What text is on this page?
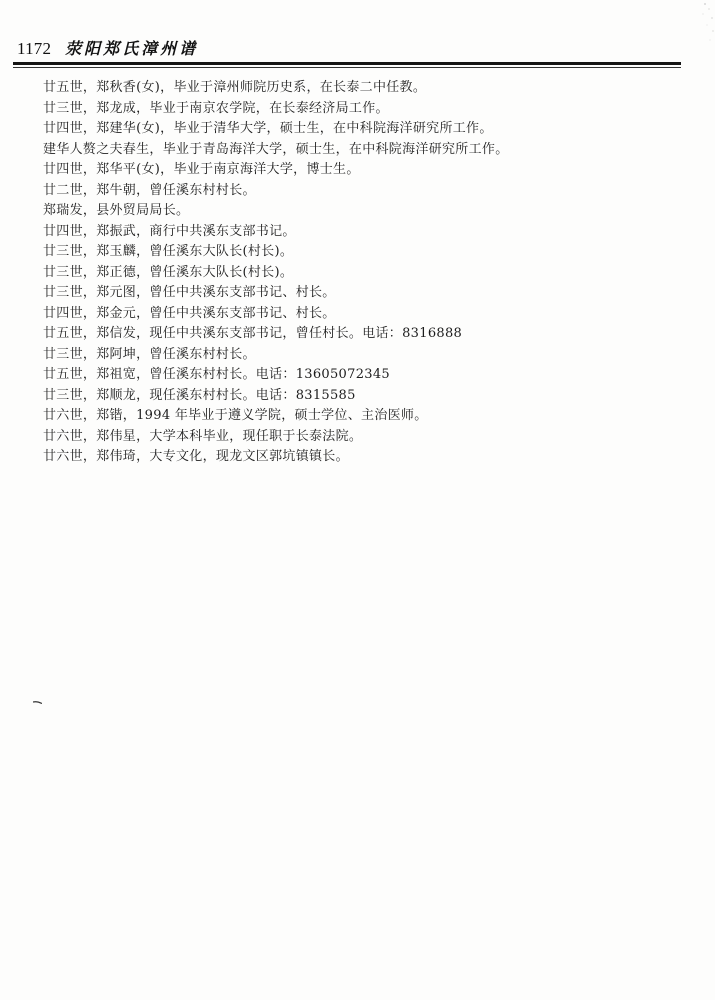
1172 荥阳郑氏漳州谱
廿五世，郑秋香(女)，毕业于漳州师院历史系，在长泰二中任教。
廿三世，郑龙成，毕业于南京农学院，在长泰经济局工作。
廿四世，郑建华(女)，毕业于清华大学，硕士生，在中科院海洋研究所工作。
建华人赘之夫春生，毕业于青岛海洋大学，硕士生，在中科院海洋研究所工作。
廿四世，郑华平(女)，毕业于南京海洋大学，博士生。
廿二世，郑牛朝，曾任溪东村村长。
郑瑞发，县外贸局局长。
廿四世，郑振武，商行中共溪东支部书记。
廿三世，郑玉麟，曾任溪东大队长(村长)。
廿三世，郑正德，曾任溪东大队长(村长)。
廿三世，郑元图，曾任中共溪东支部书记、村长。
廿四世，郑金元，曾任中共溪东支部书记、村长。
廿五世，郑信发，现任中共溪东支部书记，曾任村长。电话：8316888
廿三世，郑阿坤，曾任溪东村村长。
廿五世，郑祖宽，曾任溪东村村长。电话：13605072345
廿三世，郑顺龙，现任溪东村村长。电话：8315585
廿六世，郑锴，1994 年毕业于遵义学院，硕士学位、主治医师。
廿六世，郑伟星，大学本科毕业，现任职于长泰法院。
廿六世，郑伟琦，大专文化，现龙文区郭坑镇镇长。
